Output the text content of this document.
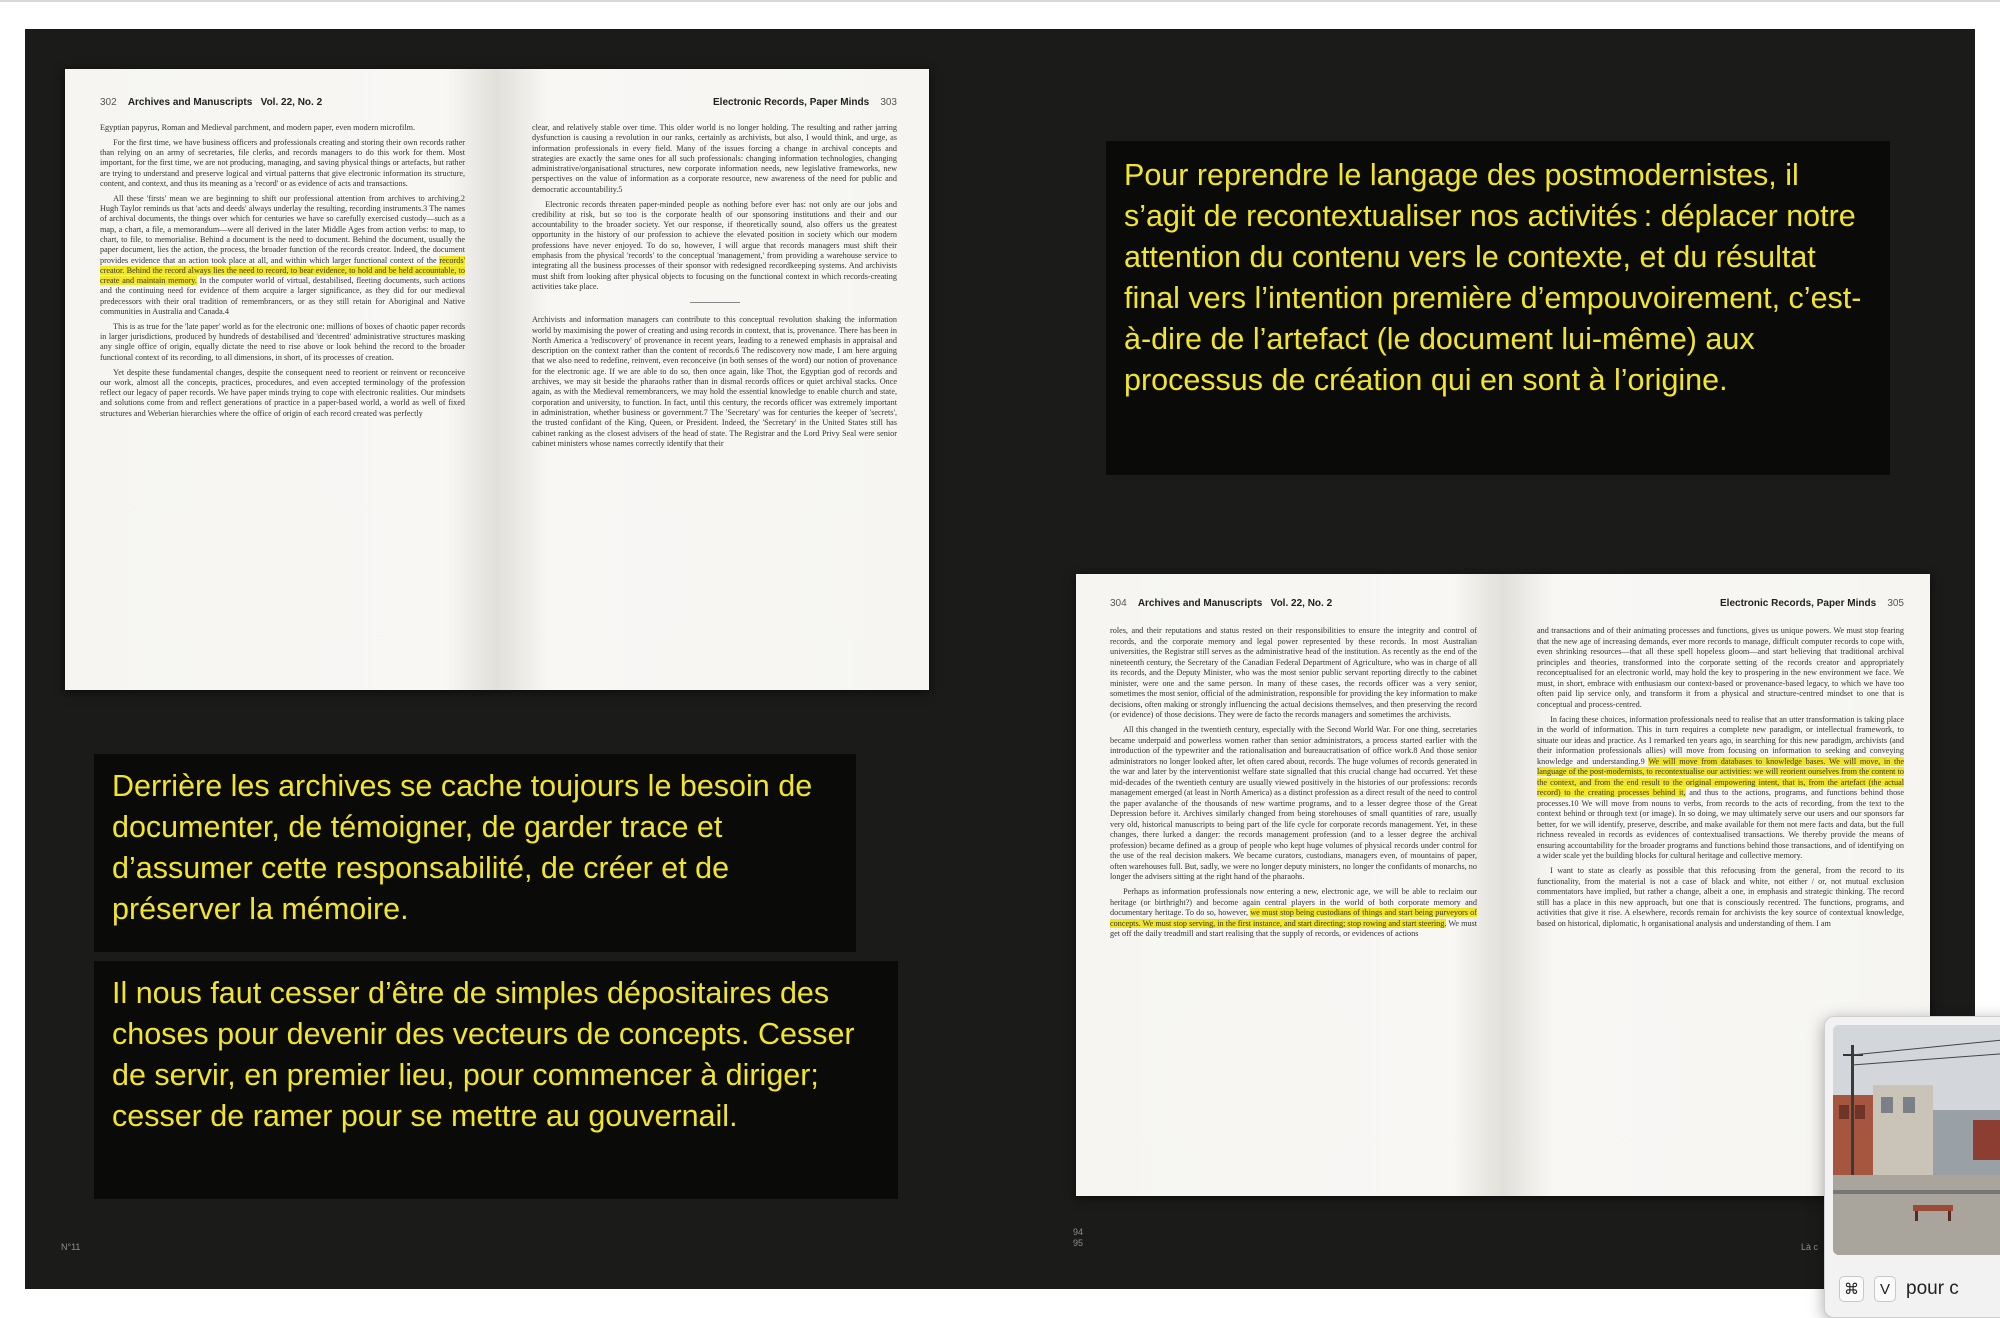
302 Archives and Manuscripts Vol. 22, No. 2

Egyptian papyrus, Roman and Medieval parchment, and modern paper, even modern microfilm.

For the first time, we have business officers and professionals creating and storing their own records rather than relying on an army of secretaries, file clerks, and records managers to do this work for them. Most important, for the first time, we are not producing, managing, and saving physical things or artefacts, but rather are trying to understand and preserve logical and virtual patterns that give electronic information its structure, content, and context, and thus its meaning as a 'record' or as evidence of acts and transactions.

All these 'firsts' mean we are beginning to shift our professional attention from archives to archiving.2 Hugh Taylor reminds us that 'acts and deeds' always underlay the resulting, recording instruments.3 The names of archival documents, the things over which for centuries we have so carefully exercised custody—such as a map, a chart, a file, a memorandum—were all derived in the later Middle Ages from action verbs: to map, to chart, to file, to memorialise. Behind a document is the need to document. Behind the document, usually the paper document, lies the action, the process, the broader function of the records creator. Indeed, the document provides evidence that an action took place at all, and within which larger functional context of the records' creator. Behind the record always lies the need to record, to bear evidence, to hold and be held accountable, to create and maintain memory. In the computer world of virtual, destabilised, fleeting documents, such actions and the continuing need for evidence of them acquire a larger significance, as they did for our medieval predecessors with their oral tradition of remembrancers, or as they still retain for Aboriginal and Native communities in Australia and Canada.4

This is as true for the 'late paper' world as for the electronic one: millions of boxes of chaotic paper records in larger jurisdictions, produced by hundreds of destabilised and 'decentred' administrative structures masking any single office of origin, equally dictate the need to rise above or look behind the record to the broader functional context of its recording, to all dimensions, in short, of its processes of creation.

Yet despite these fundamental changes, despite the consequent need to reorient or reinvent or reconceive our work, almost all the concepts, practices, procedures, and even accepted terminology of the profession reflect our legacy of paper records. We have paper minds trying to cope with electronic realities. Our mindsets and solutions come from and reflect generations of practice in a paper-based world, a world as well of fixed structures and Weberian hierarchies where the office of origin of each record created was perfectly

Electronic Records, Paper Minds 303

clear, and relatively stable over time. This older world is no longer holding. The resulting and rather jarring dysfunction is causing a revolution in our ranks, certainly as archivists, but also, I would think, and urge, as information professionals in every field. Many of the issues forcing a change in archival concepts and strategies are exactly the same ones for all such professionals: changing information technologies, changing administrative/organisational structures, new corporate information needs, new legislative frameworks, new perspectives on the value of information as a corporate resource, new awareness of the need for public and democratic accountability.5

Electronic records threaten paper-minded people as nothing before ever has: not only are our jobs and credibility at risk, but so too is the corporate health of our sponsoring institutions and their and our accountability to the broader society. Yet our response, if theoretically sound, also offers us the greatest opportunity in the history of our profession to achieve the elevated position in society which our modern professions have never enjoyed. To do so, however, I will argue that records managers must shift their emphasis from the physical 'records' to the conceptual 'management,' from providing a warehouse service to integrating all the business processes of their sponsor with redesigned recordkeeping systems. And archivists must shift from looking after physical objects to focusing on the functional context in which records-creating activities take place.

Archivists and information managers can contribute to this conceptual revolution shaking the information world by maximising the power of creating and using records in context, that is, provenance. There has been in North America a 'rediscovery' of provenance in recent years, leading to a renewed emphasis in appraisal and description on the context rather than the content of records.6 The rediscovery now made, I am here arguing that we also need to redefine, reinvent, even reconceive (in both senses of the word) our notion of provenance for the electronic age. If we are able to do so, then once again, like Thot, the Egyptian god of records and archives, we may sit beside the pharaohs rather than in dismal records offices or quiet archival stacks. Once again, as with the Medieval remembrancers, we may hold the essential knowledge to enable church and state, corporation and university, to function. In fact, until this century, the records officer was extremely important in administration, whether business or government.7 The 'Secretary' was for centuries the keeper of 'secrets', the trusted confidant of the King, Queen, or President. Indeed, the 'Secretary' in the United States still has cabinet ranking as the closest advisers of the head of state. The Registrar and the Lord Privy Seal were senior cabinet ministers whose names correctly identify that their

Pour reprendre le langage des postmodernistes, il s’agit de recontextualiser nos activités : déplacer notre attention du contenu vers le contexte, et du résultat final vers l’intention première d’empouvoirement, c’est-à-dire de l’artefact (le document lui-même) aux processus de création qui en sont à l’origine.
304 Archives and Manuscripts Vol. 22, No. 2

roles, and their reputations and status rested on their responsibilities to ensure the integrity and control of records, and the corporate memory and legal power represented by these records. In most Australian universities, the Registrar still serves as the administrative head of the institution. As recently as the end of the nineteenth century, the Secretary of the Canadian Federal Department of Agriculture, who was in charge of all its records, and the Deputy Minister, who was the most senior public servant reporting directly to the cabinet minister, were one and the same person. In many of these cases, the records officer was a very senior, sometimes the most senior, official of the administration, responsible for providing the key information to make decisions, often making or strongly influencing the actual decisions themselves, and then preserving the record (or evidence) of those decisions. They were de facto the records managers and sometimes the archivists.

All this changed in the twentieth century, especially with the Second World War. For one thing, secretaries became underpaid and powerless women rather than senior administrators, a process started earlier with the introduction of the typewriter and the rationalisation and bureaucratisation of office work.8 And those senior administrators no longer looked after, let often cared about, records. The huge volumes of records generated in the war and later by the interventionist welfare state signalled that this crucial change had occurred. Yet these mid-decades of the twentieth century are usually viewed positively in the histories of our professions: records management emerged (at least in North America) as a distinct profession as a direct result of the need to control the paper avalanche of the thousands of new wartime programs, and to a lesser degree those of the Great Depression before it. Archives similarly changed from being storehouses of small quantities of rare, usually very old, historical manuscripts to being part of the life cycle for corporate records management. Yet, in these changes, there lurked a danger: the records management profession (and to a lesser degree the archival profession) became defined as a group of people who kept huge volumes of physical records under control for the use of the real decision makers. We became curators, custodians, managers even, of mountains of paper, often warehouses full. But, sadly, we were no longer deputy ministers, no longer the confidants of monarchs, no longer the advisers sitting at the right hand of the pharaohs.

Perhaps as information professionals now entering a new, electronic age, we will be able to reclaim our heritage (or birthright?) and become again central players in the world of both corporate memory and documentary heritage. To do so, however, we must stop being custodians of things and start being purveyors of concepts. We must stop serving, in the first instance, and start directing; stop rowing and start steering. We must get off the daily treadmill and start realising that the supply of records, or evidences of actions

Electronic Records, Paper Minds 305

and transactions and of their animating processes and functions, gives us unique powers. We must stop fearing that the new age of increasing demands, ever more records to manage, difficult computer records to cope with, even shrinking resources—that all these spell hopeless gloom—and start believing that traditional archival principles and theories, transformed into the corporate setting of the records creator and appropriately reconceptualised for an electronic world, may hold the key to prospering in the new environment we face. We must, in short, embrace with enthusiasm our context-based or provenance-based legacy, to which we have too often paid lip service only, and transform it from a physical and structure-centred mindset to one that is conceptual and process-centred.

In facing these choices, information professionals need to realise that an utter transformation is taking place in the world of information. This in turn requires a complete new paradigm, or intellectual framework, to situate our ideas and practice. As I remarked ten years ago, in searching for this new paradigm, archivists (and their information professionals allies) will move from focusing on information to seeking and conveying knowledge and understanding.9 We will move from databases to knowledge bases. We will move, in the language of the post-modernists, to recontextualise our activities: we will reorient ourselves from the content to the context, and from the end result to the original empowering intent, that is, from the artefact (the actual record) to the creating processes behind it, and thus to the actions, programs, and functions behind those processes.10 We will move from nouns to verbs, from records to the acts of recording, from the text to the context behind or through text (or image). In so doing, we may ultimately serve our users and our sponsors far better, for we will identify, preserve, describe, and make available for them not mere facts and data, but the full richness revealed in records as evidences of contextualised transactions. We thereby provide the means of ensuring accountability for the broader programs and functions behind those transactions, and of identifying on a wider scale yet the building blocks for cultural heritage and collective memory.

I want to state as clearly as possible that this refocusing from the general, from the record to its functionality, from the material is not a case of black and white, not either / or, not mutual exclusion commentators have implied, but rather a change, albeit a one, in emphasis and strategic thinking. The record still has a place in this new approach, but one that is consciously recentred. The functions, programs, and activities that give it rise. A elsewhere, records remain for archivists the key source of contextual knowledge, based on historical, diplomatic, h organisational analysis and understanding of them. I am

Derrière les archives se cache toujours le besoin de documenter, de témoigner, de garder trace et d’assumer cette responsabilité, de créer et de préserver la mémoire.
Il nous faut cesser d’être de simples dépositaires des choses pour devenir des vecteurs de concepts. Cesser de servir, en premier lieu, pour commencer à diriger; cesser de ramer pour se mettre au gouvernail.
N°11
94
95	Là c
⌘	V pour c
